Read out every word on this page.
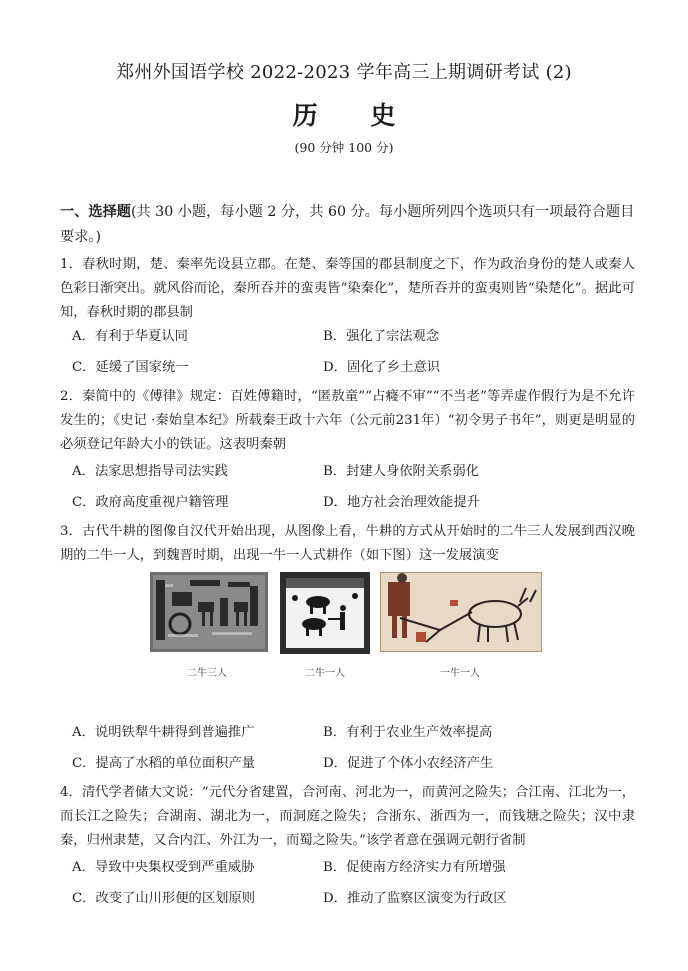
郑州外国语学校 2022-2023 学年高三上期调研考试 (2)
历 史
(90 分钟 100 分)
一、选择题(共 30 小题，每小题 2 分，共 60 分。每小题所列四个选项只有一项最符合题目要求。)
1．春秋时期，楚、秦率先设县立郡。在楚、秦等国的郡县制度之下，作为政治身份的楚人或秦人色彩日渐突出。就风俗而论，秦所吞并的蛮夷皆“染秦化”，楚所吞并的蛮夷则皆“染楚化”。据此可知，春秋时期的郡县制
A．有利于华夏认同	B．强化了宗法观念
C．延缓了国家统一	D．固化了乡土意识
2．秦简中的《傅律》规定：百姓傅籍时，“匿敖童”“占癃不审”“不当老”等弄虚作假行为是不允许发生的；《史记 ·秦始皇本纪》所载秦王政十六年（公元前231年）“初令男子书年”，则更是明显的必须登记年龄大小的铁证。这表明秦朝
A．法家思想指导司法实践	B．封建人身依附关系弱化
C．政府高度重视户籍管理	D．地方社会治理效能提升
3．古代牛耕的图像自汉代开始出现，从图像上看，牛耕的方式从开始时的二牛三人发展到西汉晚期的二牛一人，到魏晋时期，出现一牛一人式耕作（如下图）这一发展演变
二牛三人	二牛一人	一牛一人
A．说明铁犁牛耕得到普遍推广	B．有利于农业生产效率提高
C．提高了水稻的单位面积产量	D．促进了个体小农经济产生
4．清代学者储大文说：“元代分省建置，合河南、河北为一，而黄河之险失；合江南、江北为一，而长江之险失；合湖南、湖北为一，而洞庭之险失；合浙东、浙西为一，而钱塘之险失；汉中隶秦，归州隶楚，又合内江、外江为一，而蜀之险失。”该学者意在强调元朝行省制
A．导致中央集权受到严重威胁	B．促使南方经济实力有所增强
C．改变了山川形便的区划原则	D．推动了监察区演变为行政区
